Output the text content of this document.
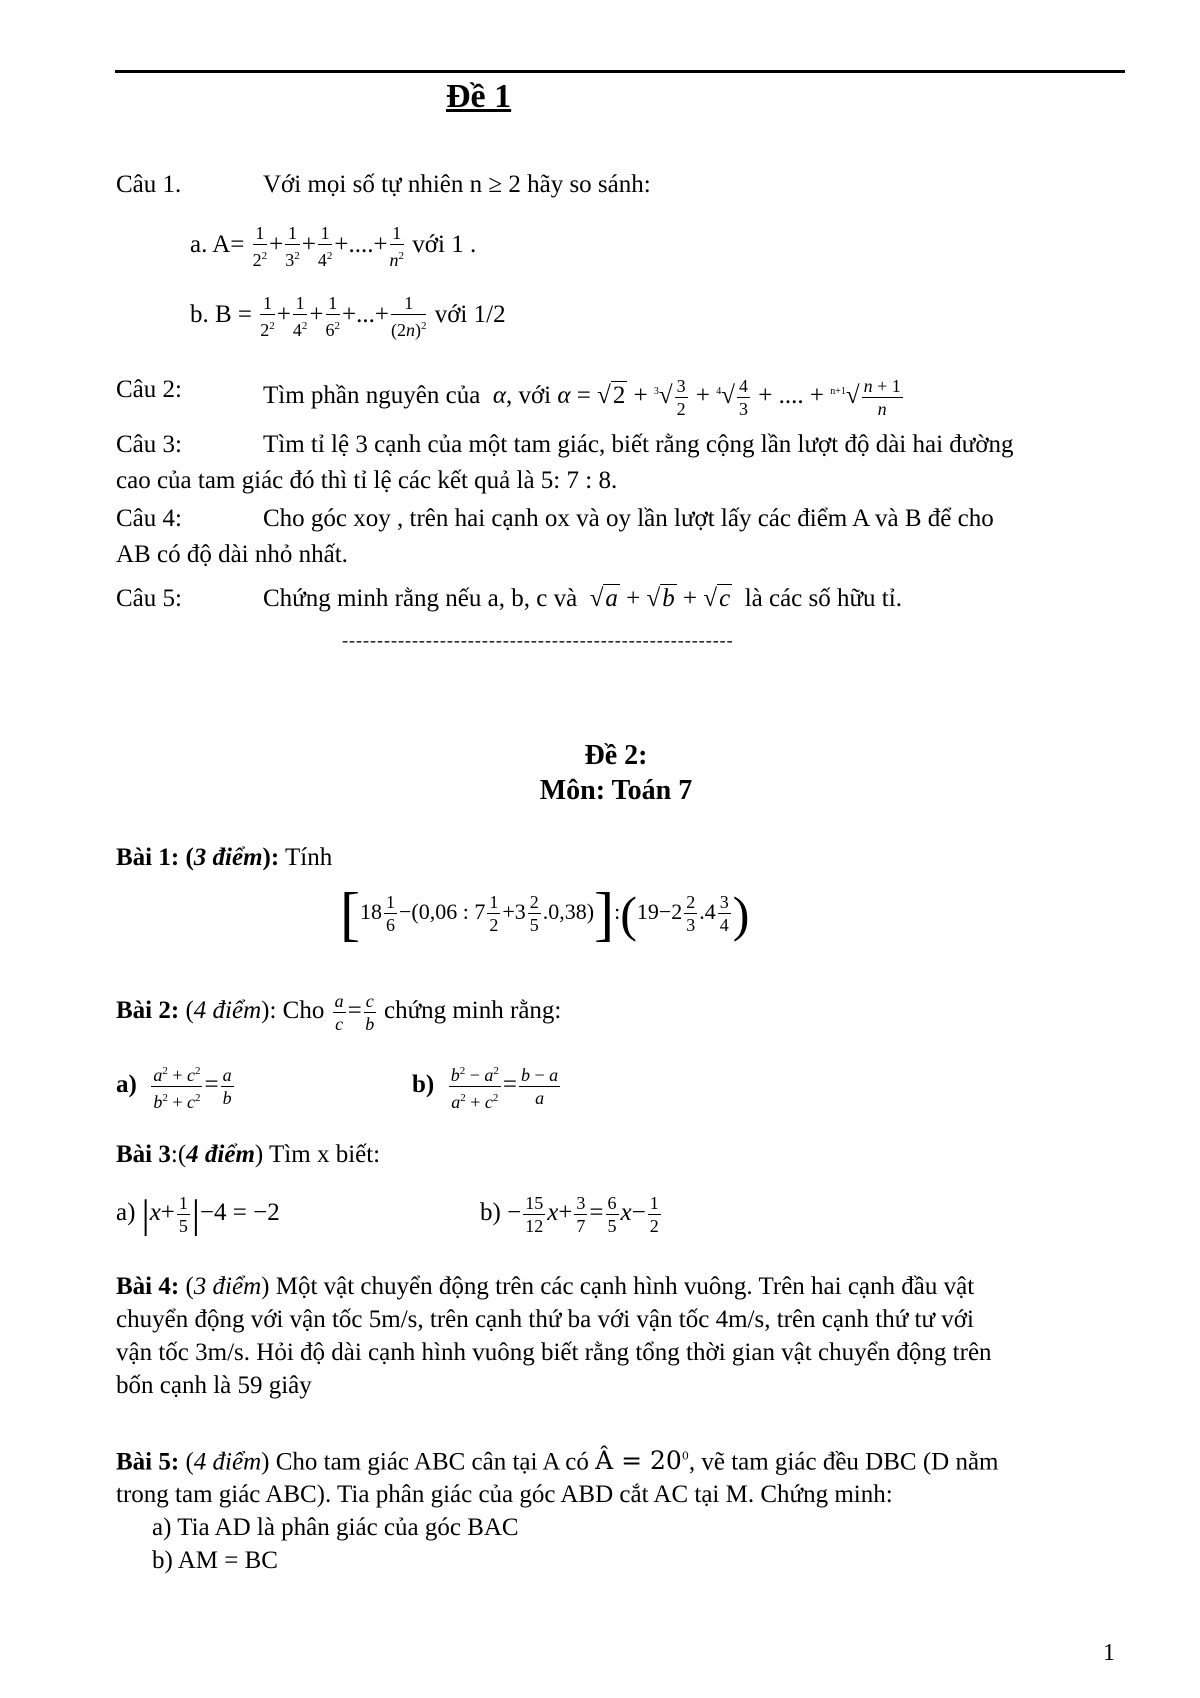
Đề 1
Câu 1.	Với mọi số tự nhiên n ≥ 2 hãy so sánh:
a. $A= \frac{1}{2^2} + \frac{1}{3^2} + \frac{1}{4^2}$ +....+ $\frac{1}{n^2}$ với 1 .
b. $B = \frac{1}{2^2} + \frac{1}{4^2} + \frac{1}{6^2}$ +...+ $\frac{1}{(2n)^2}$ với 1/2
Câu 2:	Tìm phần nguyên của  α, với $\alpha = √2 + ^3√ \frac{3}{2} + ^4√ \frac{4}{3}$ + .... + $^{n+1}√ \frac{n + 1}{n}$
Câu 3:	Tìm tỉ lệ 3 cạnh của một tam giác, biết rằng cộng lần lượt độ dài hai đường
cao của tam giác đó thì tỉ lệ các kết quả là 5: 7 : 8.
Câu 4:	Cho góc xoy , trên hai cạnh ox và oy lần lượt lấy các điểm A và B để cho
AB có độ dài nhỏ nhất.
Câu 5:	Chứng minh rằng nếu a, b, c và  √a + √b + √c là các số hữu tỉ.
--------------------------------------------------------
Đề 2:
Môn: Toán 7
Bài 1: (3 điểm): Tính
[$18 \frac{1}{6} -(0,06$ : $7 \frac{1}{2} +3 \frac{2}{5}$ .0,38)]:(19−2 $\frac{2}{3} .4 \frac{3}{4}$ )
Bài 2: (4 điểm): Cho $\frac{a}{c} = \frac{c}{b}$ chứng minh rằng:
$a) \frac{a^2 + c^2}{b^2 + c^2} = \frac{a}{b}$	$b) \frac{b^2 - a^2}{a^2 + c^2} = \frac{b - a}{a}$
Bài 3:(4 điểm) Tìm x biết:
a) $|x+ \frac{1}{5} |-4 = -2$	$b) - \frac{15}{12} x+ \frac{3}{7} = \frac{6}{5} x- \frac{1}{2}$
Bài 4: (3 điểm) Một vật chuyển động trên các cạnh hình vuông. Trên hai cạnh đầu vật
chuyển động với vận tốc 5m/s, trên cạnh thứ ba với vận tốc 4m/s, trên cạnh thứ tư với
vận tốc 3m/s. Hỏi độ dài cạnh hình vuông biết rằng tổng thời gian vật chuyển động trên
bốn cạnh là 59 giây
Bài 5: (4 điểm) Cho tam giác ABC cân tại A có Â = $20^0$, vẽ tam giác đều DBC (D nằm
trong tam giác ABC). Tia phân giác của góc ABD cắt AC tại M. Chứng minh:
a) Tia AD là phân giác của góc BAC
b) AM = BC
1
